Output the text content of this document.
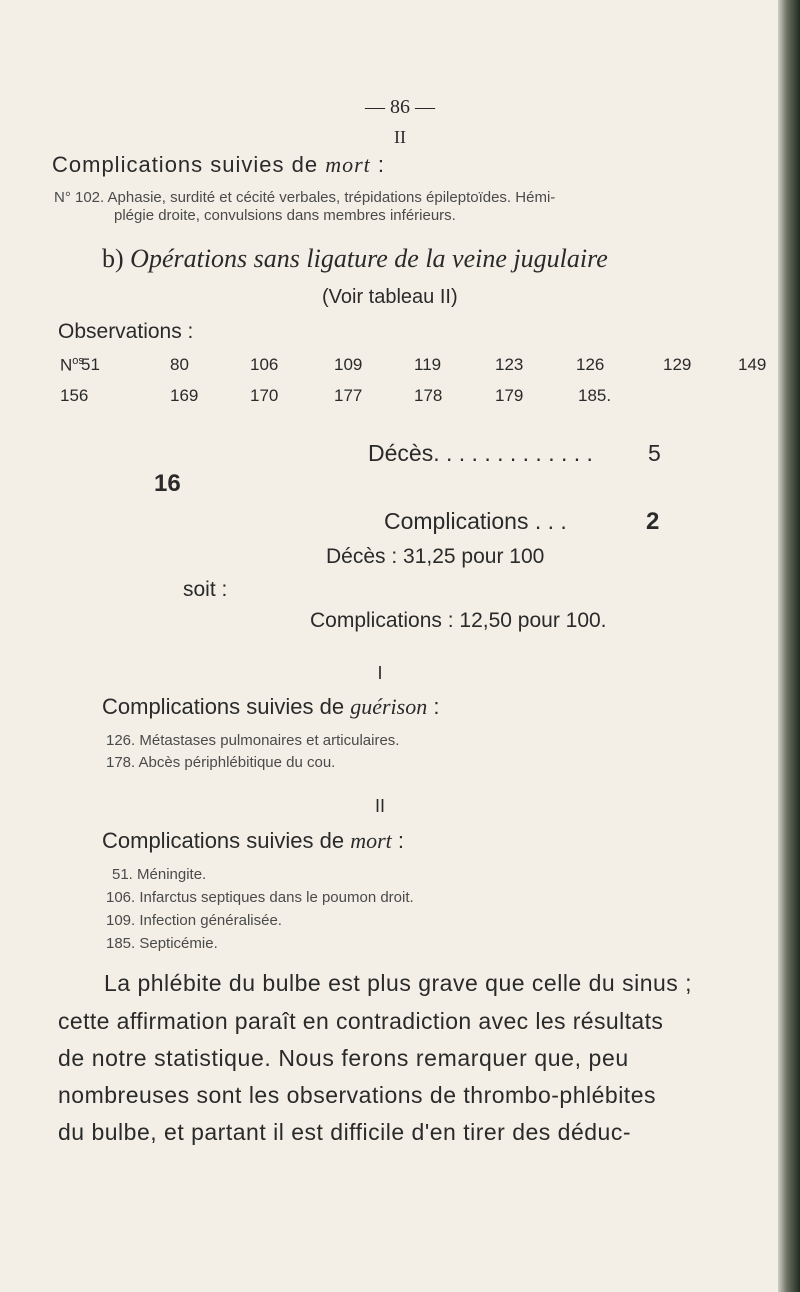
— 86 —
II
Complications suivies de mort :
N° 102. Aphasie, surdité et cécité verbales, trépidations épileptoïdes. Hémi-
plégie droite, convulsions dans membres inférieurs.
b) Opérations sans ligature de la veine jugulaire
(Voir tableau II)
Observations :
$N^{os}$
51	80	106	109	119	123	126	129	149
156	169	170	177	178	179	185.
16
Décès. . . . . . . . . . . . . 5
Complications . . .	2
soit :
Décès : 31,25 pour 100
Complications : 12,50 pour 100.
I
Complications suivies de guérison :
126. Métastases pulmonaires et articulaires.
178. Abcès périphlébitique du cou.
II
Complications suivies de mort :
51. Méningite.
106. Infarctus septiques dans le poumon droit.
109. Infection généralisée.
185. Septicémie.
La phlébite du bulbe est plus grave que celle du sinus ;
cette affirmation paraît en contradiction avec les résultats
de notre statistique. Nous ferons remarquer que, peu
nombreuses sont les observations de thrombo-phlébites
du bulbe, et partant il est difficile d'en tirer des déduc-
